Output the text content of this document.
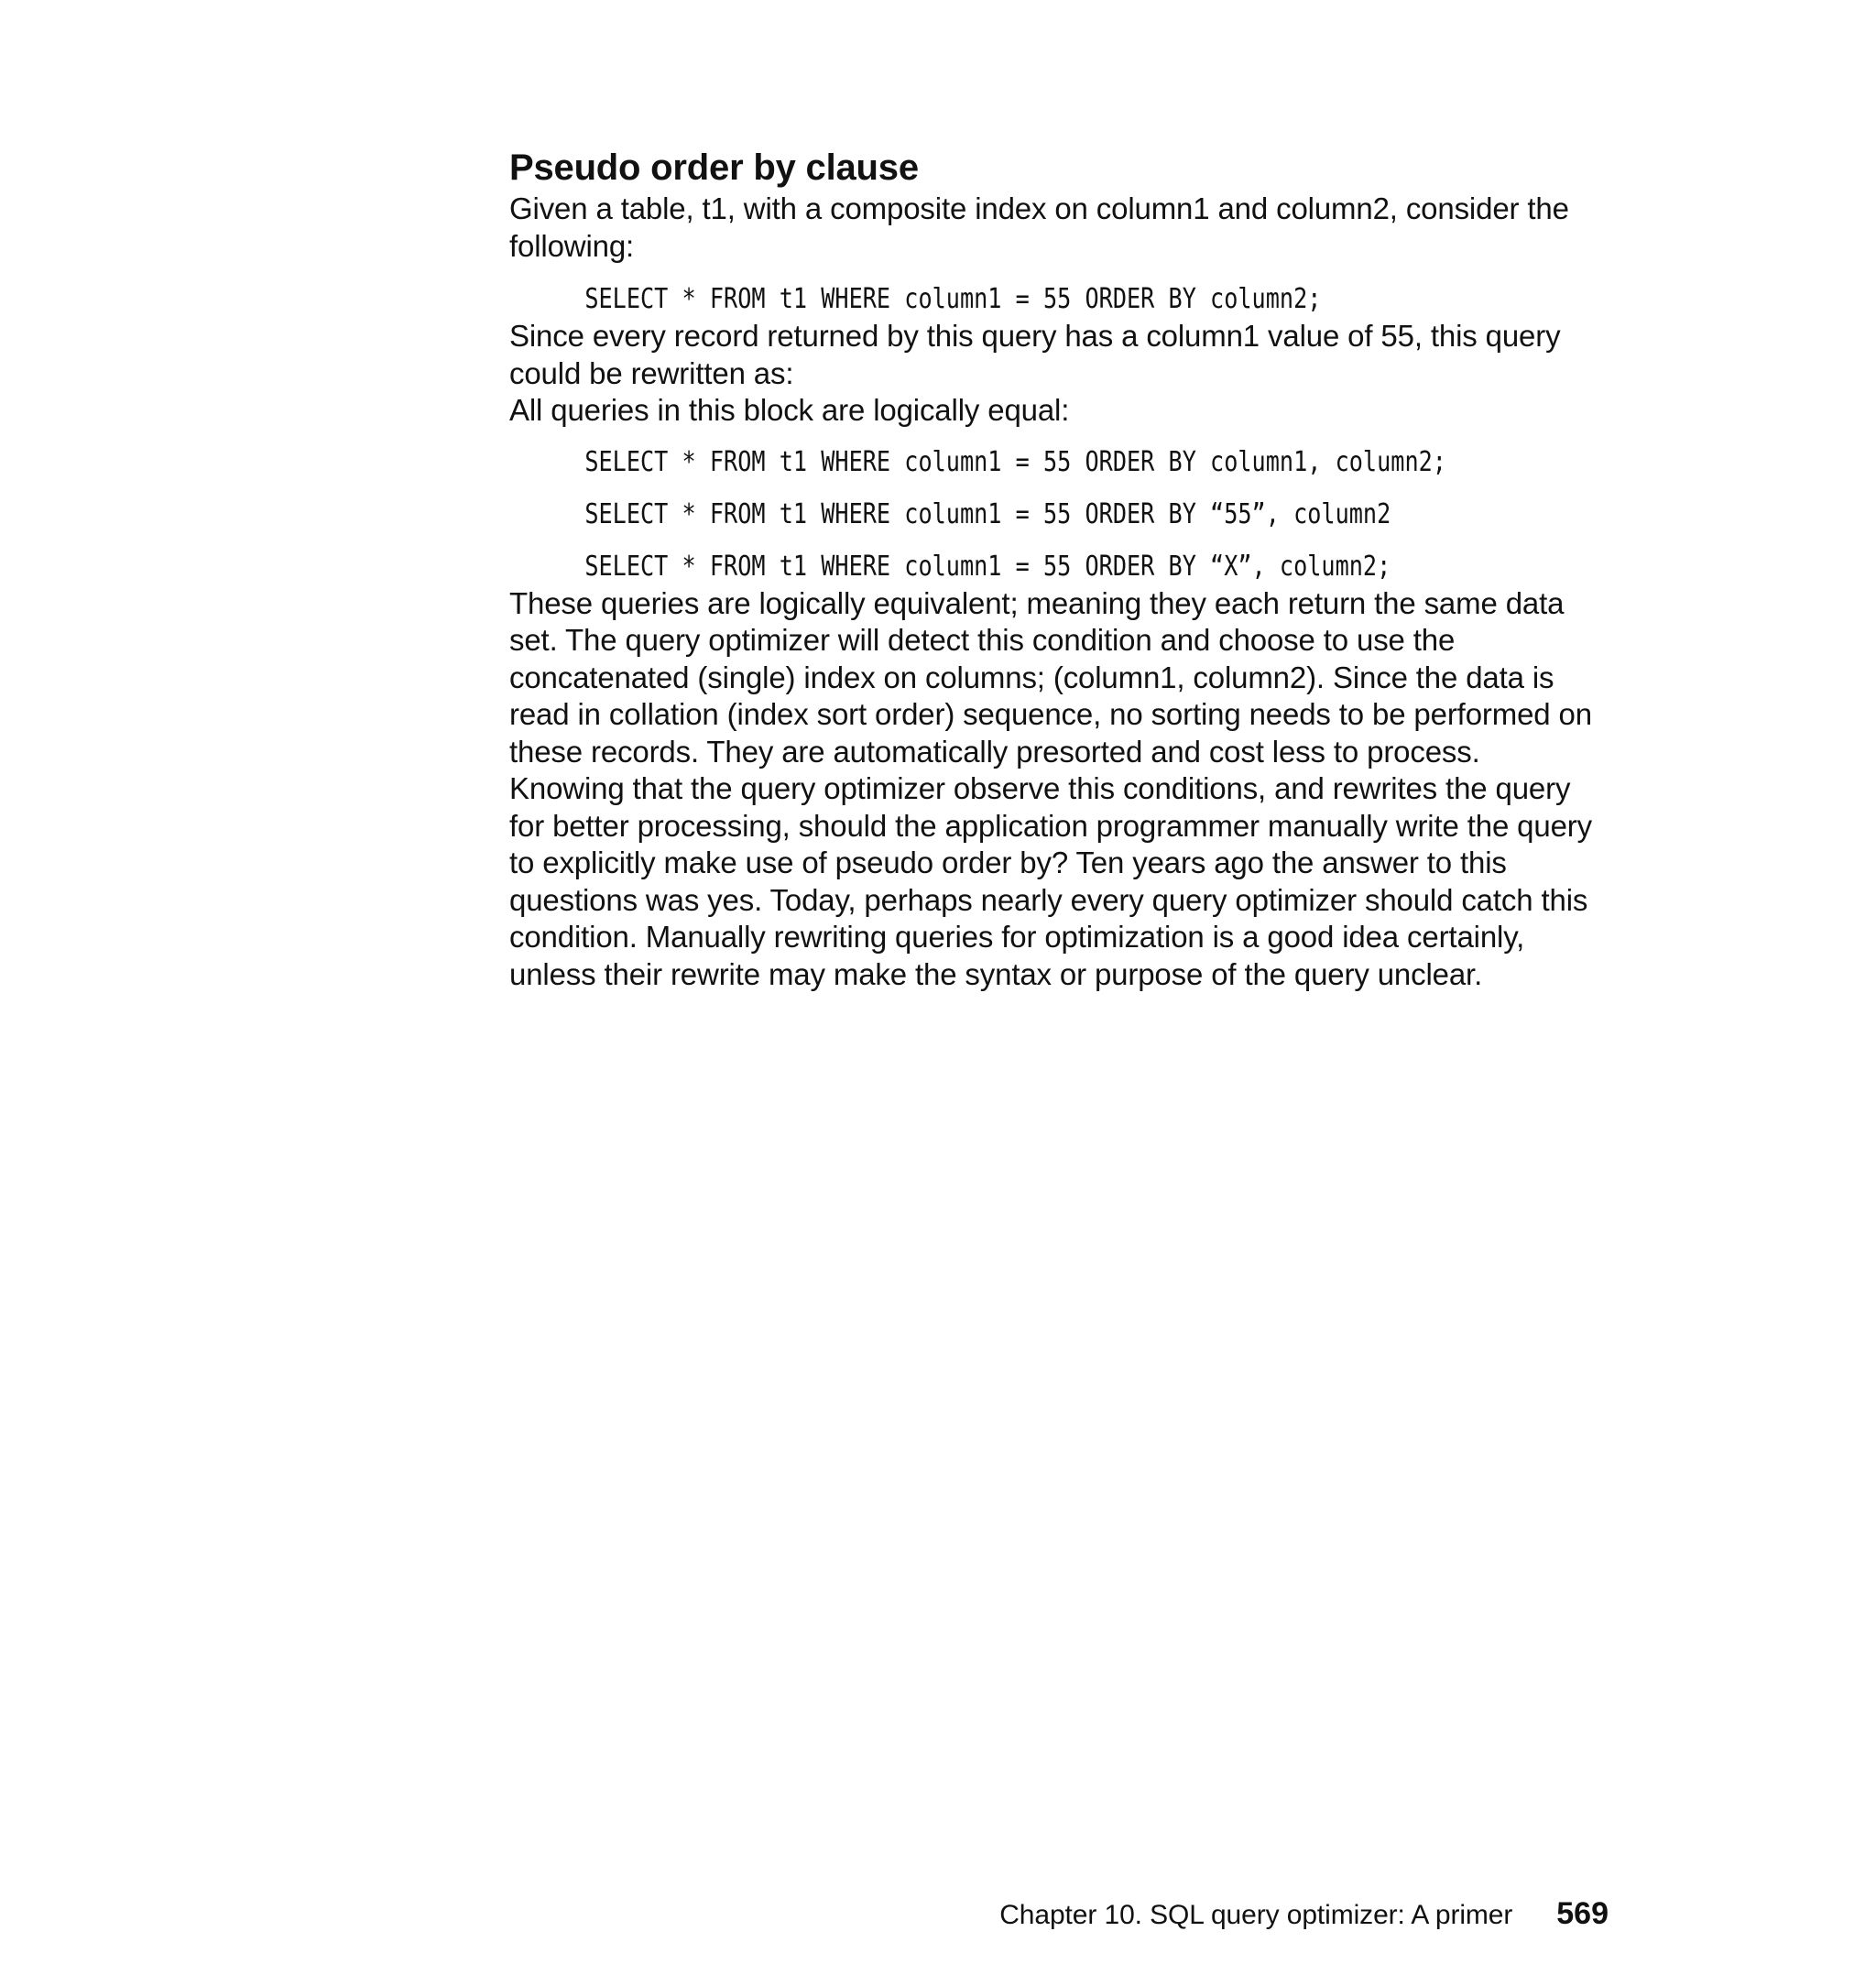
Pseudo order by clause

Given a table, t1, with a composite index on column1 and column2, consider the following:

SELECT * FROM t1 WHERE column1 = 55 ORDER BY column2;

Since every record returned by this query has a column1 value of 55, this query could be rewritten as:

All queries in this block are logically equal:

SELECT * FROM t1 WHERE column1 = 55 ORDER BY column1, column2;
SELECT * FROM t1 WHERE column1 = 55 ORDER BY “55”, column2
SELECT * FROM t1 WHERE column1 = 55 ORDER BY “X”, column2;

These queries are logically equivalent; meaning they each return the same data set. The query optimizer will detect this condition and choose to use the concatenated (single) index on columns; (column1, column2). Since the data is read in collation (index sort order) sequence, no sorting needs to be performed on these records. They are automatically presorted and cost less to process.

Knowing that the query optimizer observe this conditions, and rewrites the query for better processing, should the application programmer manually write the query to explicitly make use of pseudo order by? Ten years ago the answer to this questions was yes. Today, perhaps nearly every query optimizer should catch this condition. Manually rewriting queries for optimization is a good idea certainly, unless their rewrite may make the syntax or purpose of the query unclear.

Chapter 10. SQL query optimizer: A primer 569
